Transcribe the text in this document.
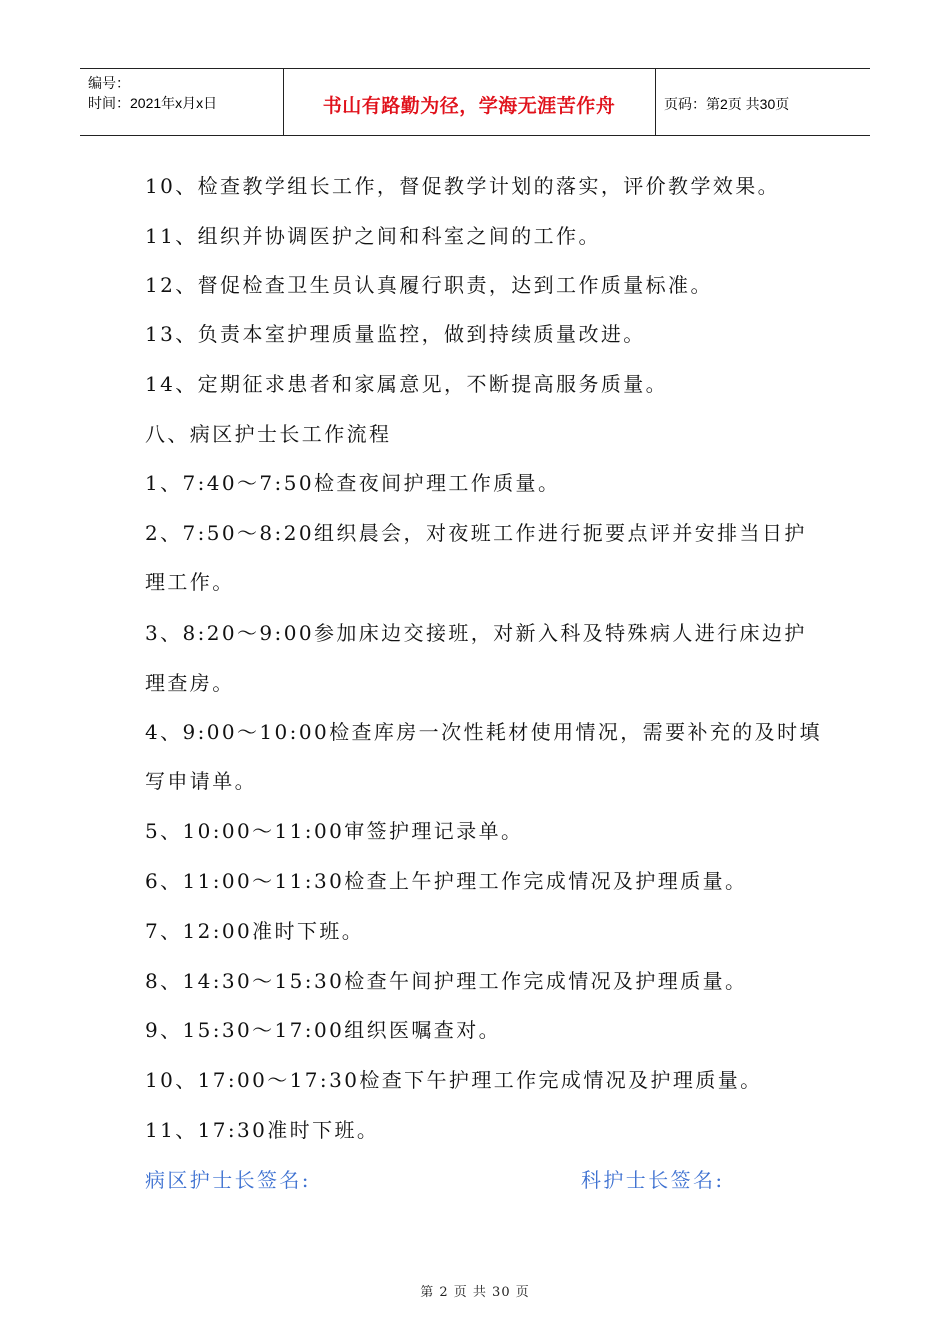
编号：
时间：2021年x月x日	书山有路勤为径，学海无涯苦作舟	页码：第2页 共30页
10、检查教学组长工作，督促教学计划的落实，评价教学效果。
11、组织并协调医护之间和科室之间的工作。
12、督促检查卫生员认真履行职责，达到工作质量标准。
13、负责本室护理质量监控，做到持续质量改进。
14、定期征求患者和家属意见，不断提高服务质量。
八、病区护士长工作流程
1、7:40～7:50检查夜间护理工作质量。
2、7:50～8:20组织晨会，对夜班工作进行扼要点评并安排当日护
理工作。
3、8:20～9:00参加床边交接班，对新入科及特殊病人进行床边护
理查房。
4、9:00～10:00检查库房一次性耗材使用情况，需要补充的及时填
写申请单。
5、10:00～11:00审签护理记录单。
6、11:00～11:30检查上午护理工作完成情况及护理质量。
7、12:00准时下班。
8、14:30～15:30检查午间护理工作完成情况及护理质量。
9、15:30～17:00组织医嘱查对。
10、17:00～17:30检查下午护理工作完成情况及护理质量。
11、17:30准时下班。
病区护士长签名:	科护士长签名:
第 2 页 共 30 页
